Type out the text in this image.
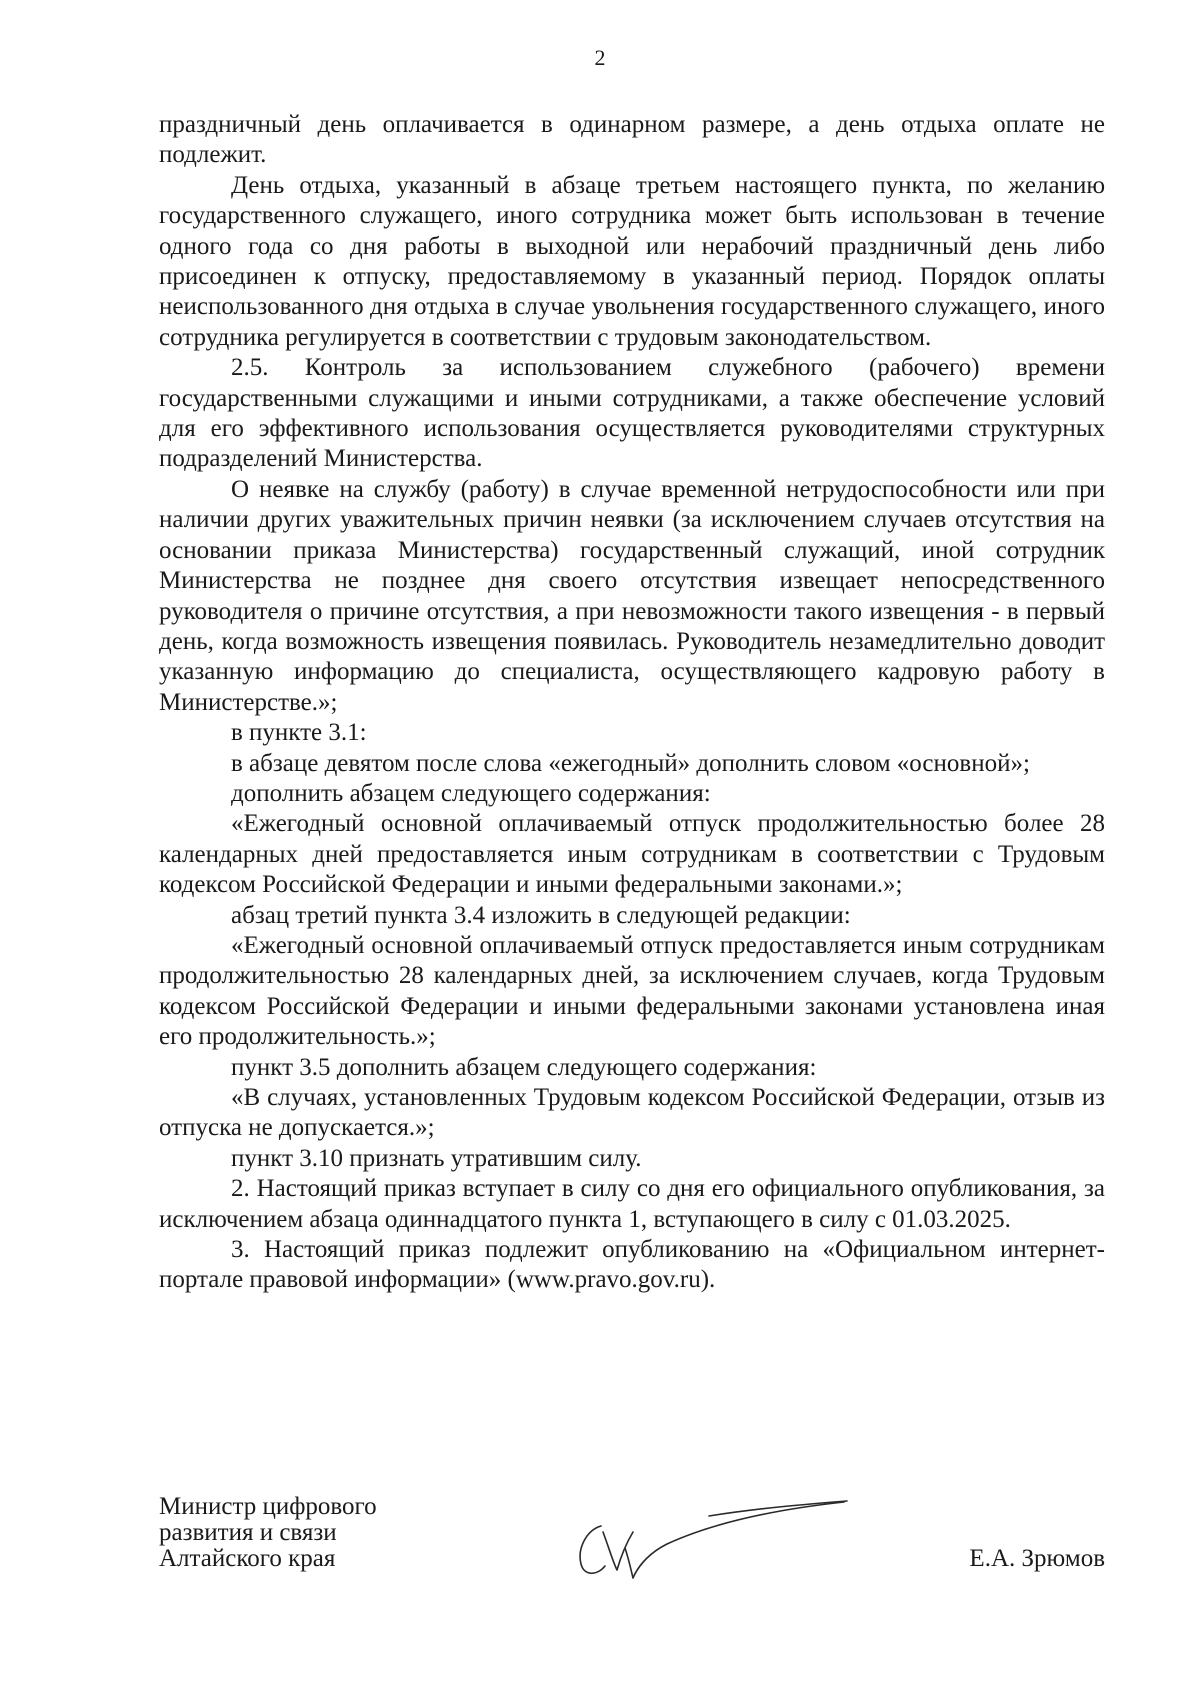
2

праздничный день оплачивается в одинарном размере, а день отдыха оплате не подлежит.

День отдыха, указанный в абзаце третьем настоящего пункта, по желанию государственного служащего, иного сотрудника может быть использован в течение одного года со дня работы в выходной или нерабочий праздничный день либо присоединен к отпуску, предоставляемому в указанный период. Порядок оплаты неиспользованного дня отдыха в случае увольнения государственного служащего, иного сотрудника регулируется в соответствии с трудовым законодательством.

2.5. Контроль за использованием служебного (рабочего) времени государственными служащими и иными сотрудниками, а также обеспечение условий для его эффективного использования осуществляется руководителями структурных подразделений Министерства.

О неявке на службу (работу) в случае временной нетрудоспособности или при наличии других уважительных причин неявки (за исключением случаев отсутствия на основании приказа Министерства) государственный служащий, иной сотрудник Министерства не позднее дня своего отсутствия извещает непосредственного руководителя о причине отсутствия, а при невозможности такого извещения - в первый день, когда возможность извещения появилась. Руководитель незамедлительно доводит указанную информацию до специалиста, осуществляющего кадровую работу в Министерстве.»;

в пункте 3.1:

в абзаце девятом после слова «ежегодный» дополнить словом «основной»;

дополнить абзацем следующего содержания:

«Ежегодный основной оплачиваемый отпуск продолжительностью более 28 календарных дней предоставляется иным сотрудникам в соответствии с Трудовым кодексом Российской Федерации и иными федеральными законами.»;

абзац третий пункта 3.4 изложить в следующей редакции:

«Ежегодный основной оплачиваемый отпуск предоставляется иным сотрудникам продолжительностью 28 календарных дней, за исключением случаев, когда Трудовым кодексом Российской Федерации и иными федеральными законами установлена иная его продолжительность.»;

пункт 3.5 дополнить абзацем следующего содержания:

«В случаях, установленных Трудовым кодексом Российской Федерации, отзыв из отпуска не допускается.»;

пункт 3.10 признать утратившим силу.

2. Настоящий приказ вступает в силу со дня его официального опубликования, за исключением абзаца одиннадцатого пункта 1, вступающего в силу с 01.03.2025.

3. Настоящий приказ подлежит опубликованию на «Официальном интернет-портале правовой информации» (www.pravo.gov.ru).

Министр цифрового
развития и связи
Алтайского края	Е.А. Зрюмов
